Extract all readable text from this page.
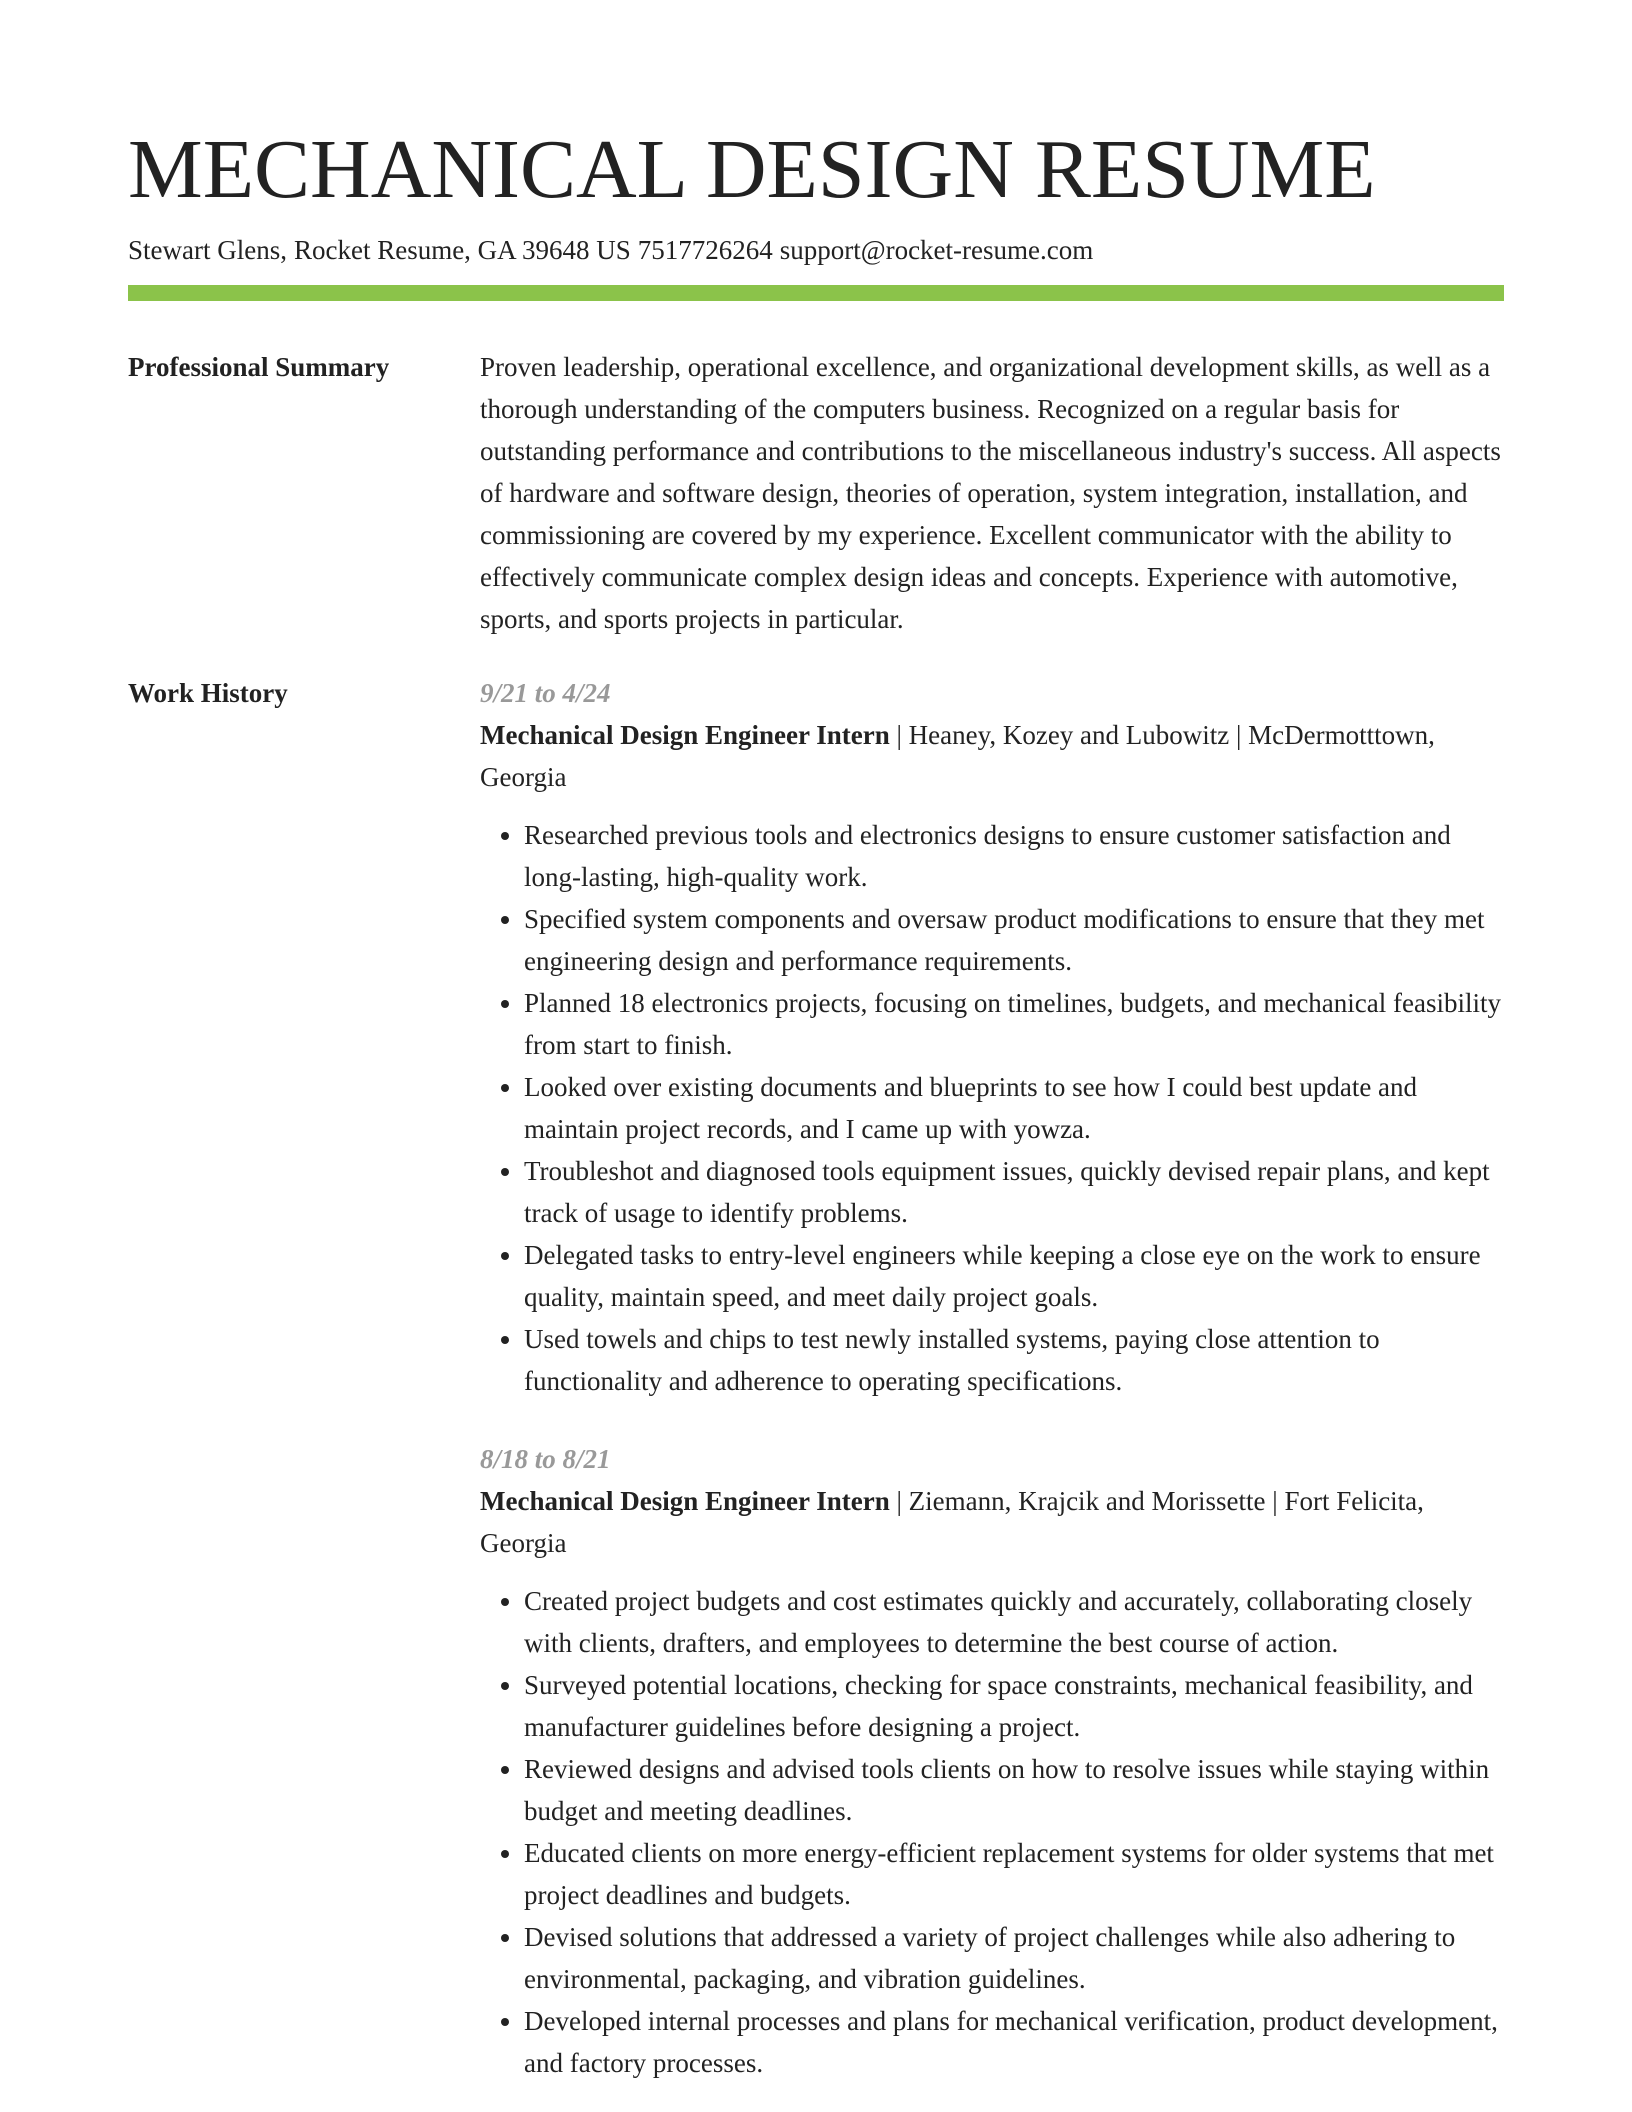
MECHANICAL DESIGN RESUME
Stewart Glens, Rocket Resume, GA 39648 US 7517726264 support@rocket-resume.com
Professional Summary	Proven leadership, operational excellence, and organizational development skills, as well as a thorough understanding of the computers business. Recognized on a regular basis for outstanding performance and contributions to the miscellaneous industry's success. All aspects of hardware and software design, theories of operation, system integration, installation, and commissioning are covered by my experience. Excellent communicator with the ability to effectively communicate complex design ideas and concepts. Experience with automotive, sports, and sports projects in particular.

Work History	9/21 to 4/24

Mechanical Design Engineer Intern | Heaney, Kozey and Lubowitz | McDermotttown, Georgia

• Researched previous tools and electronics designs to ensure customer satisfaction and long-lasting, high-quality work.
• Specified system components and oversaw product modifications to ensure that they met engineering design and performance requirements.
• Planned 18 electronics projects, focusing on timelines, budgets, and mechanical feasibility from start to finish.
• Looked over existing documents and blueprints to see how I could best update and maintain project records, and I came up with yowza.
• Troubleshot and diagnosed tools equipment issues, quickly devised repair plans, and kept track of usage to identify problems.
• Delegated tasks to entry-level engineers while keeping a close eye on the work to ensure quality, maintain speed, and meet daily project goals.
• Used towels and chips to test newly installed systems, paying close attention to functionality and adherence to operating specifications.

8/18 to 8/21

Mechanical Design Engineer Intern | Ziemann, Krajcik and Morissette | Fort Felicita, Georgia

• Created project budgets and cost estimates quickly and accurately, collaborating closely with clients, drafters, and employees to determine the best course of action.
• Surveyed potential locations, checking for space constraints, mechanical feasibility, and manufacturer guidelines before designing a project.
• Reviewed designs and advised tools clients on how to resolve issues while staying within budget and meeting deadlines.
• Educated clients on more energy-efficient replacement systems for older systems that met project deadlines and budgets.
• Devised solutions that addressed a variety of project challenges while also adhering to environmental, packaging, and vibration guidelines.
• Developed internal processes and plans for mechanical verification, product development, and factory processes.
